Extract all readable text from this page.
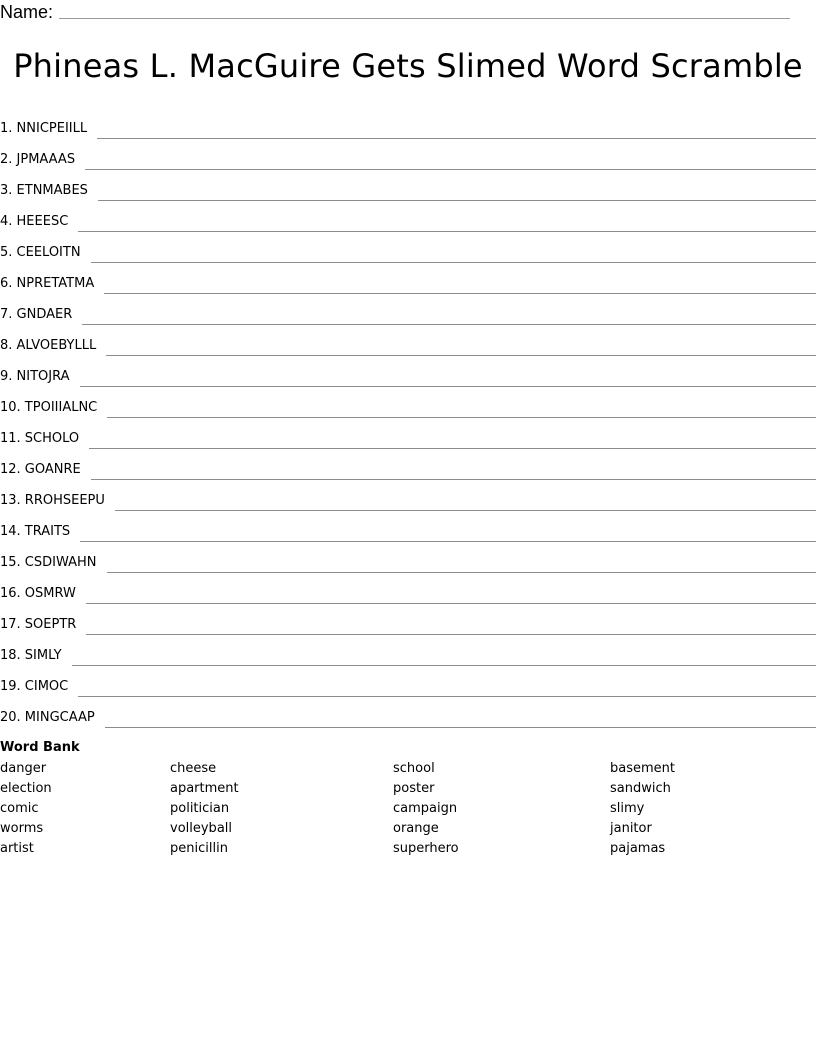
Name:
Phineas L. MacGuire Gets Slimed Word Scramble
1. NNICPEIILL
2. JPMAAAS
3. ETNMABES
4. HEEESC
5. CEELOITN
6. NPRETATMA
7. GNDAER
8. ALVOEBYLLL
9. NITOJRA
10. TPOIIIALNC
11. SCHOLO
12. GOANRE
13. RROHSEEPU
14. TRAITS
15. CSDIWAHN
16. OSMRW
17. SOEPTR
18. SIMLY
19. CIMOC
20. MINGCAAP
Word Bank
danger
election
comic
worms
artist
cheese
apartment
politician
volleyball
penicillin
school
poster
campaign
orange
superhero
basement
sandwich
slimy
janitor
pajamas
